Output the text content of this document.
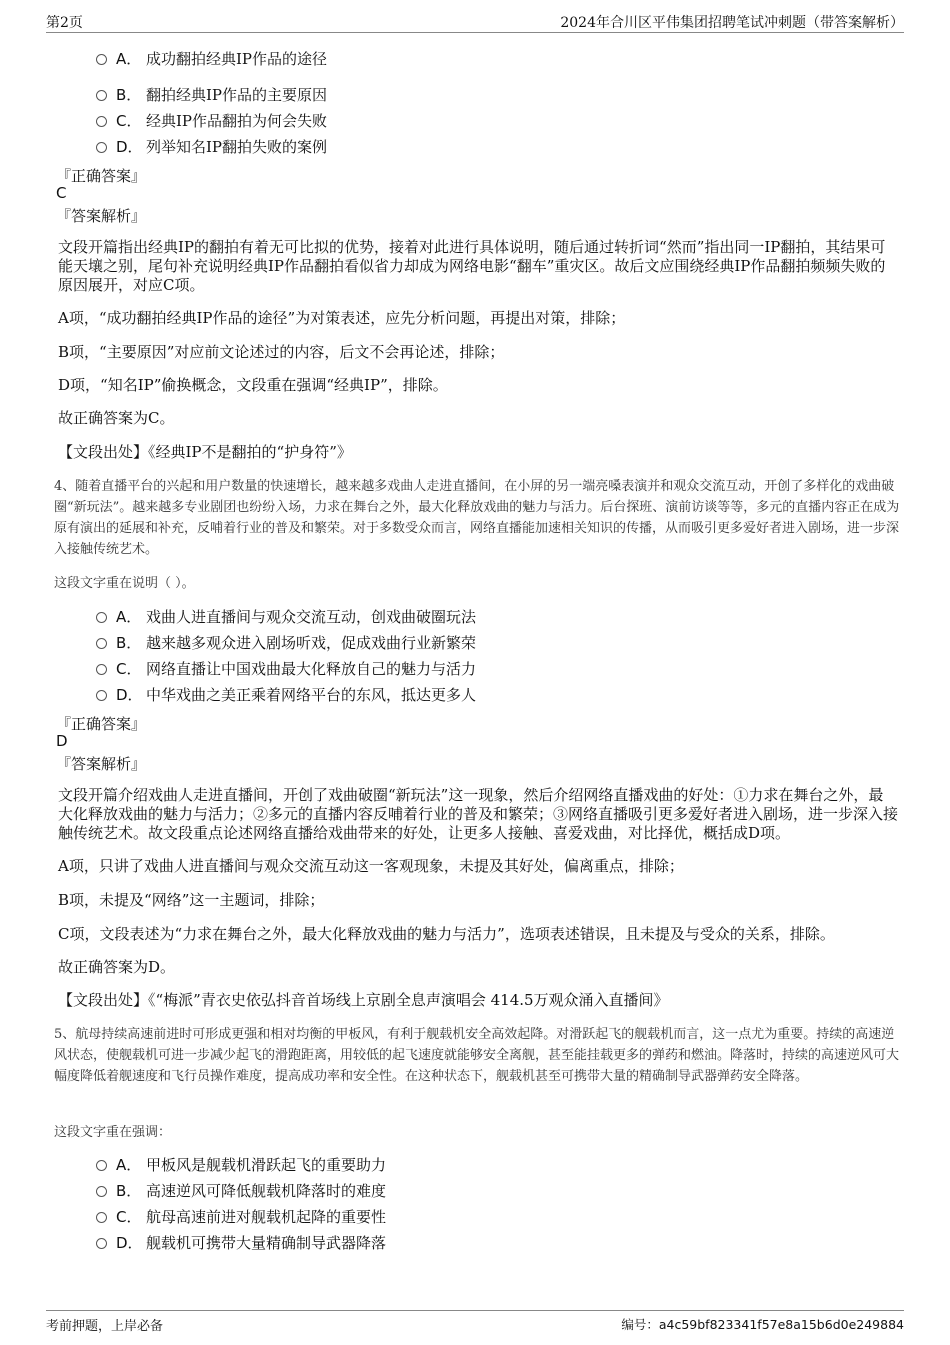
第2页	2024年合川区平伟集团招聘笔试冲刺题（带答案解析）
A． 成功翻拍经典IP作品的途径
B． 翻拍经典IP作品的主要原因
C． 经典IP作品翻拍为何会失败
D． 列举知名IP翻拍失败的案例
『正确答案』
C
『答案解析』
文段开篇指出经典IP的翻拍有着无可比拟的优势，接着对此进行具体说明，随后通过转折词“然而”指出同一IP翻拍，其结果可能天壤之别，尾句补充说明经典IP作品翻拍看似省力却成为网络电影“翻车”重灾区。故后文应围绕经典IP作品翻拍频频失败的原因展开，对应C项。
A项，“成功翻拍经典IP作品的途径”为对策表述，应先分析问题，再提出对策，排除；
B项，“主要原因”对应前文论述过的内容，后文不会再论述，排除；
D项，“知名IP”偷换概念，文段重在强调“经典IP”，排除。
故正确答案为C。
【文段出处】《经典IP不是翻拍的“护身符”》
4、随着直播平台的兴起和用户数量的快速增长，越来越多戏曲人走进直播间，在小屏的另一端亮嗓表演并和观众交流互动，开创了多样化的戏曲破圈“新玩法”。越来越多专业剧团也纷纷入场，力求在舞台之外，最大化释放戏曲的魅力与活力。后台探班、演前访谈等等，多元的直播内容正在成为原有演出的延展和补充，反哺着行业的普及和繁荣。对于多数受众而言，网络直播能加速相关知识的传播，从而吸引更多爱好者进入剧场，进一步深入接触传统艺术。
这段文字重在说明（ ）。
A． 戏曲人进直播间与观众交流互动，创戏曲破圈玩法
B． 越来越多观众进入剧场听戏，促成戏曲行业新繁荣
C． 网络直播让中国戏曲最大化释放自己的魅力与活力
D． 中华戏曲之美正乘着网络平台的东风，抵达更多人
『正确答案』
D
『答案解析』
文段开篇介绍戏曲人走进直播间，开创了戏曲破圈“新玩法”这一现象，然后介绍网络直播戏曲的好处：①力求在舞台之外，最大化释放戏曲的魅力与活力；②多元的直播内容反哺着行业的普及和繁荣；③网络直播吸引更多爱好者进入剧场，进一步深入接触传统艺术。故文段重点论述网络直播给戏曲带来的好处，让更多人接触、喜爱戏曲，对比择优，概括成D项。
A项，只讲了戏曲人进直播间与观众交流互动这一客观现象，未提及其好处，偏离重点，排除；
B项，未提及“网络”这一主题词，排除；
C项，文段表述为“力求在舞台之外，最大化释放戏曲的魅力与活力”，选项表述错误，且未提及与受众的关系，排除。
故正确答案为D。
【文段出处】《“梅派”青衣史依弘抖音首场线上京剧全息声演唱会 414.5万观众涌入直播间》
5、航母持续高速前进时可形成更强和相对均衡的甲板风，有利于舰载机安全高效起降。对滑跃起飞的舰载机而言，这一点尤为重要。持续的高速逆风状态，使舰载机可进一步减少起飞的滑跑距离，用较低的起飞速度就能够安全离舰，甚至能挂载更多的弹药和燃油。降落时，持续的高速逆风可大幅度降低着舰速度和飞行员操作难度，提高成功率和安全性。在这种状态下，舰载机甚至可携带大量的精确制导武器弹药安全降落。
这段文字重在强调：
A． 甲板风是舰载机滑跃起飞的重要助力
B． 高速逆风可降低舰载机降落时的难度
C． 航母高速前进对舰载机起降的重要性
D． 舰载机可携带大量精确制导武器降落
考前押题，上岸必备	编号：a4c59bf823341f57e8a15b6d0e249884
